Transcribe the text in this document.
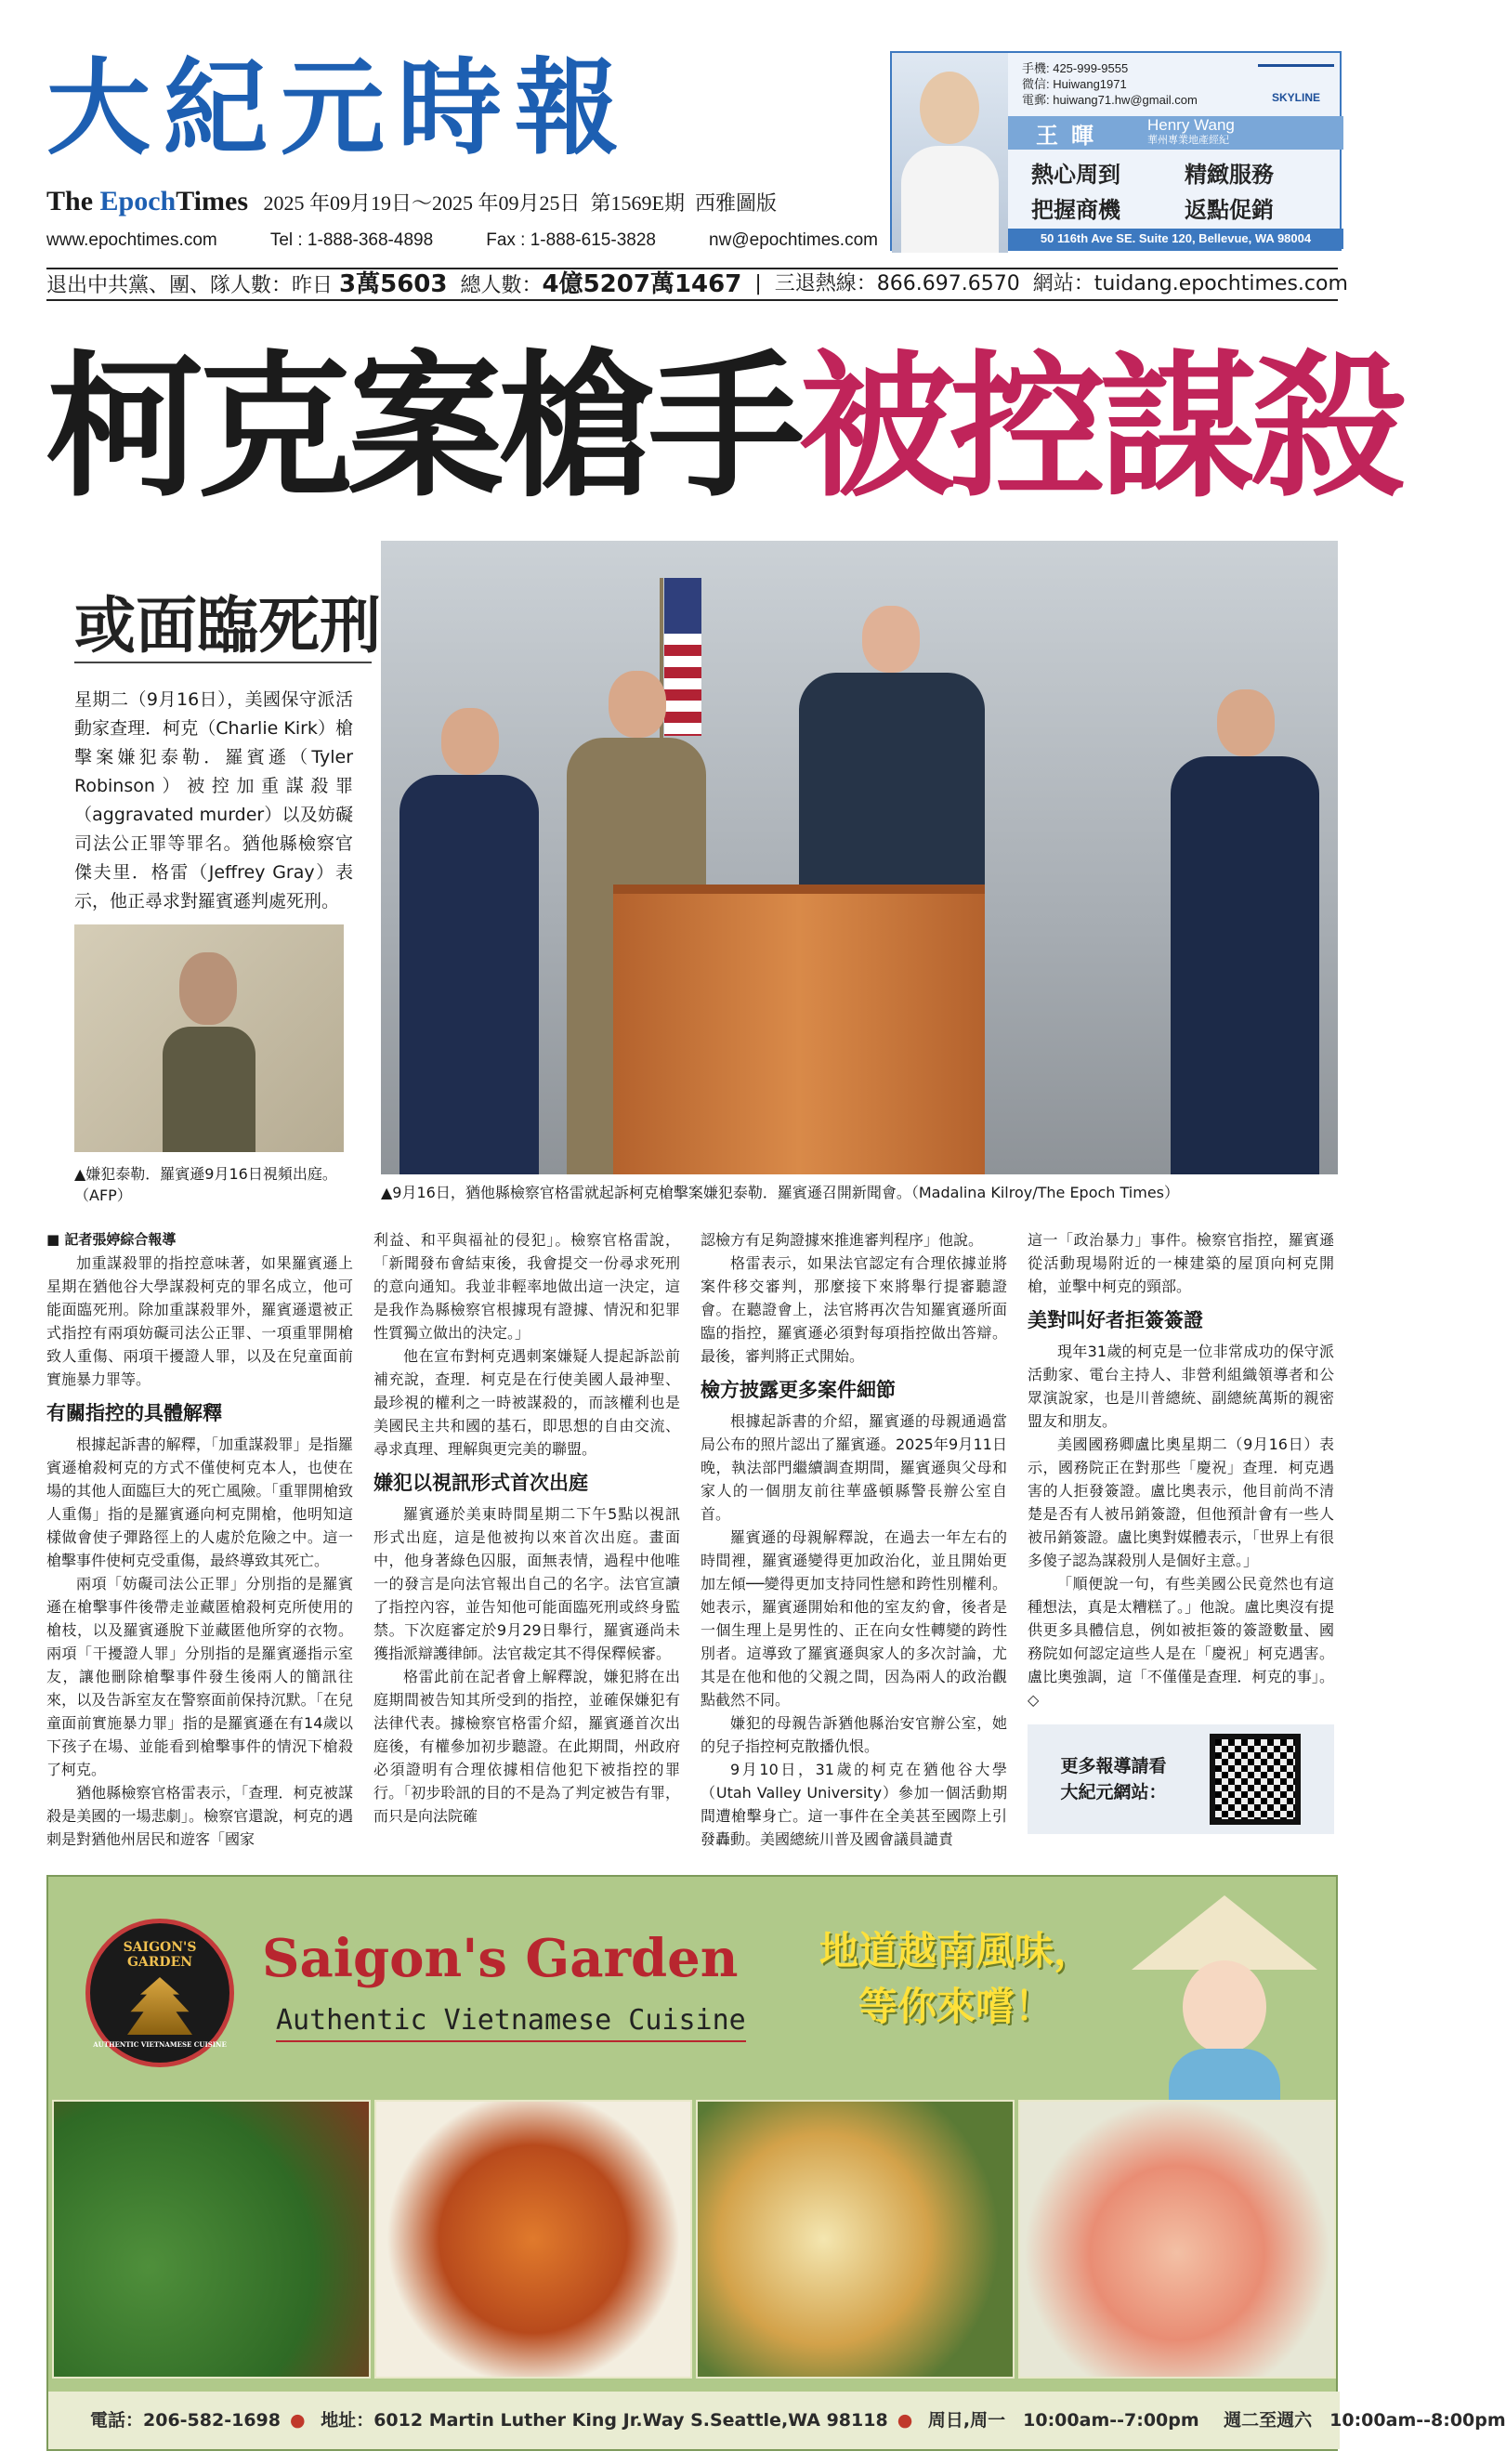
大紀元時報
The EpochTimes 2025 年09月19日～2025 年09月25日 第1569E期 西雅圖版
www.epochtimes.com	Tel : 1-888-368-4898	Fax : 1-888-615-3828	nw@epochtimes.com
手機: 425-999-9555
微信: Huiwang1971
電郵: huiwang71.hw@gmail.com	SKYLINE
王暉	Henry Wang
華州專業地產經紀
熱心周到	精緻服務把握商機	返點促銷
50 116th Ave SE. Suite 120, Bellevue, WA 98004
退出中共黨、團、隊人數：昨日 3萬5603 總人數：4億5207萬1467 | 三退熱線：866.697.6570 網站：tuidang.epochtimes.com
柯克案槍手被控謀殺
或面臨死刑
星期二（9月16日），美國保守派活動家查理．柯克（Charlie Kirk）槍擊案嫌犯泰勒．羅賓遜（Tyler Robinson）被控加重謀殺罪（aggravated murder）以及妨礙司法公正罪等罪名。猶他縣檢察官傑夫里．格雷（Jeffrey Gray）表示，他正尋求對羅賓遜判處死刑。
▲嫌犯泰勒．羅賓遜9月16日視頻出庭。（AFP）	▲9月16日，猶他縣檢察官格雷就起訴柯克槍擊案嫌犯泰勒．羅賓遜召開新聞會。（Madalina Kilroy/The Epoch Times）

■ 記者張婷綜合報導

加重謀殺罪的指控意味著，如果羅賓遜上星期在猶他谷大學謀殺柯克的罪名成立，他可能面臨死刑。除加重謀殺罪外，羅賓遜還被正式指控有兩項妨礙司法公正罪、一項重罪開槍致人重傷、兩項干擾證人罪，以及在兒童面前實施暴力罪等。

有關指控的具體解釋

根據起訴書的解釋，「加重謀殺罪」是指羅賓遜槍殺柯克的方式不僅使柯克本人，也使在場的其他人面臨巨大的死亡風險。「重罪開槍致人重傷」指的是羅賓遜向柯克開槍，他明知這樣做會使子彈路徑上的人處於危險之中。這一槍擊事件使柯克受重傷，最終導致其死亡。

兩項「妨礙司法公正罪」分別指的是羅賓遜在槍擊事件後帶走並藏匿槍殺柯克所使用的槍枝，以及羅賓遜脫下並藏匿他所穿的衣物。兩項「干擾證人罪」分別指的是羅賓遜指示室友，讓他刪除槍擊事件發生後兩人的簡訊往來，以及告訴室友在警察面前保持沉默。「在兒童面前實施暴力罪」指的是羅賓遜在有14歲以下孩子在場、並能看到槍擊事件的情況下槍殺了柯克。

猶他縣檢察官格雷表示，「查理．柯克被謀殺是美國的一場悲劇」。檢察官還說，柯克的遇刺是對猶他州居民和遊客「國家

利益、和平與福祉的侵犯」。檢察官格雷說，「新聞發布會結束後，我會提交一份尋求死刑的意向通知。我並非輕率地做出這一決定，這是我作為縣檢察官根據現有證據、情況和犯罪性質獨立做出的決定。」

他在宣布對柯克遇刺案嫌疑人提起訴訟前補充說，查理．柯克是在行使美國人最神聖、最珍視的權利之一時被謀殺的，而該權利也是美國民主共和國的基石，即思想的自由交流、尋求真理、理解與更完美的聯盟。

嫌犯以視訊形式首次出庭

羅賓遜於美東時間星期二下午5點以視訊形式出庭，這是他被拘以來首次出庭。畫面中，他身著綠色囚服，面無表情，過程中他唯一的發言是向法官報出自己的名字。法官宣讀了指控內容，並告知他可能面臨死刑或終身監禁。下次庭審定於9月29日舉行，羅賓遜尚未獲指派辯護律師。法官裁定其不得保釋候審。

格雷此前在記者會上解釋說，嫌犯將在出庭期間被告知其所受到的指控，並確保嫌犯有法律代表。據檢察官格雷介紹，羅賓遜首次出庭後，有權參加初步聽證。在此期間，州政府必須證明有合理依據相信他犯下被指控的罪行。「初步聆訊的目的不是為了判定被告有罪，而只是向法院確

認檢方有足夠證據來推進審判程序」他說。

格雷表示，如果法官認定有合理依據並將案件移交審判，那麼接下來將舉行提審聽證會。在聽證會上，法官將再次告知羅賓遜所面臨的指控，羅賓遜必須對每項指控做出答辯。最後，審判將正式開始。

檢方披露更多案件細節

根據起訴書的介紹，羅賓遜的母親通過當局公布的照片認出了羅賓遜。2025年9月11日晚，執法部門繼續調查期間，羅賓遜與父母和家人的一個朋友前往華盛頓縣警長辦公室自首。

羅賓遜的母親解釋說，在過去一年左右的時間裡，羅賓遜變得更加政治化，並且開始更加左傾──變得更加支持同性戀和跨性別權利。她表示，羅賓遜開始和他的室友約會，後者是一個生理上是男性的、正在向女性轉變的跨性別者。這導致了羅賓遜與家人的多次討論，尤其是在他和他的父親之間，因為兩人的政治觀點截然不同。

嫌犯的母親告訴猶他縣治安官辦公室，她的兒子指控柯克散播仇恨。

9月10日，31歲的柯克在猶他谷大學（Utah Valley University）參加一個活動期間遭槍擊身亡。這一事件在全美甚至國際上引發轟動。美國總統川普及國會議員譴責

這一「政治暴力」事件。檢察官指控，羅賓遜從活動現場附近的一棟建築的屋頂向柯克開槍，並擊中柯克的頸部。

美對叫好者拒簽簽證

現年31歲的柯克是一位非常成功的保守派活動家、電台主持人、非營利組織領導者和公眾演說家，也是川普總統、副總統萬斯的親密盟友和朋友。

美國國務卿盧比奧星期二（9月16日）表示，國務院正在對那些「慶祝」查理．柯克遇害的人拒發簽證。盧比奧表示，他目前尚不清楚是否有人被吊銷簽證，但他預計會有一些人被吊銷簽證。盧比奧對媒體表示，「世界上有很多傻子認為謀殺別人是個好主意。」

「順便說一句，有些美國公民竟然也有這種想法，真是太糟糕了。」他說。盧比奧沒有提供更多具體信息，例如被拒簽的簽證數量、國務院如何認定這些人是在「慶祝」柯克遇害。盧比奧強調，這「不僅僅是查理．柯克的事」。◇

更多報導請看
大紀元網站：
SAIGON'S GARDEN
AUTHENTIC VIETNAMESE CUISINE
Saigon's Garden
Authentic Vietnamese Cuisine
地道越南風味，
等你來嚐！
電話：206-582-1698 ● 地址：6012 Martin Luther King Jr.Way S.Seattle,WA 98118 ● 周日,周一　10:00am--7:00pm 週二至週六　10:00am--8:00pm
